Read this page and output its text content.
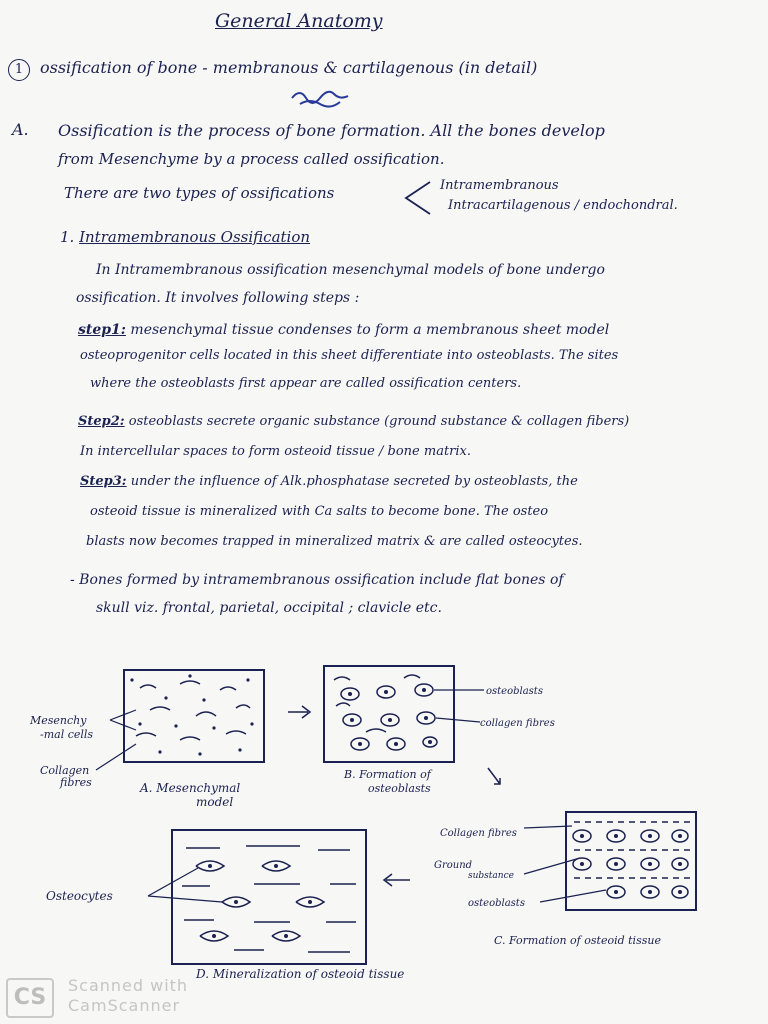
General Anatomy
1 ossification of bone - membranous & cartilagenous (in detail)
A. Ossification is the process of bone formation. All the bones develop
from Mesenchyme by a process called ossification.
There are two types of ossifications	Intramembranous
Intracartilagenous / endochondral.
1. Intramembranous Ossification
In Intramembranous ossification mesenchymal models of bone undergo
ossification. It involves following steps :
step1: mesenchymal tissue condenses to form a membranous sheet model
osteoprogenitor cells located in this sheet differentiate into osteoblasts. The sites
where the osteoblasts first appear are called ossification centers.
Step2: osteoblasts secrete organic substance (ground substance & collagen fibers)
In intercellular spaces to form osteoid tissue / bone matrix.
Step3: under the influence of Alk.phosphatase secreted by osteoblasts, the
osteoid tissue is mineralized with Ca salts to become bone. The osteo
blasts now becomes trapped in mineralized matrix & are called osteocytes.
- Bones formed by intramembranous ossification include flat bones of
skull viz. frontal, parietal, occipital ; clavicle etc.
Mesenchy
-mal cells
Collagen
fibres	A. Mesenchymal
model
osteoblasts
collagen fibres
B. Formation of
osteoblasts
Collagen fibres
Ground
substance
osteoblasts
C. Formation of osteoid tissue
Osteocytes
D. Mineralization of osteoid tissue
CS	Scanned with
CamScanner
